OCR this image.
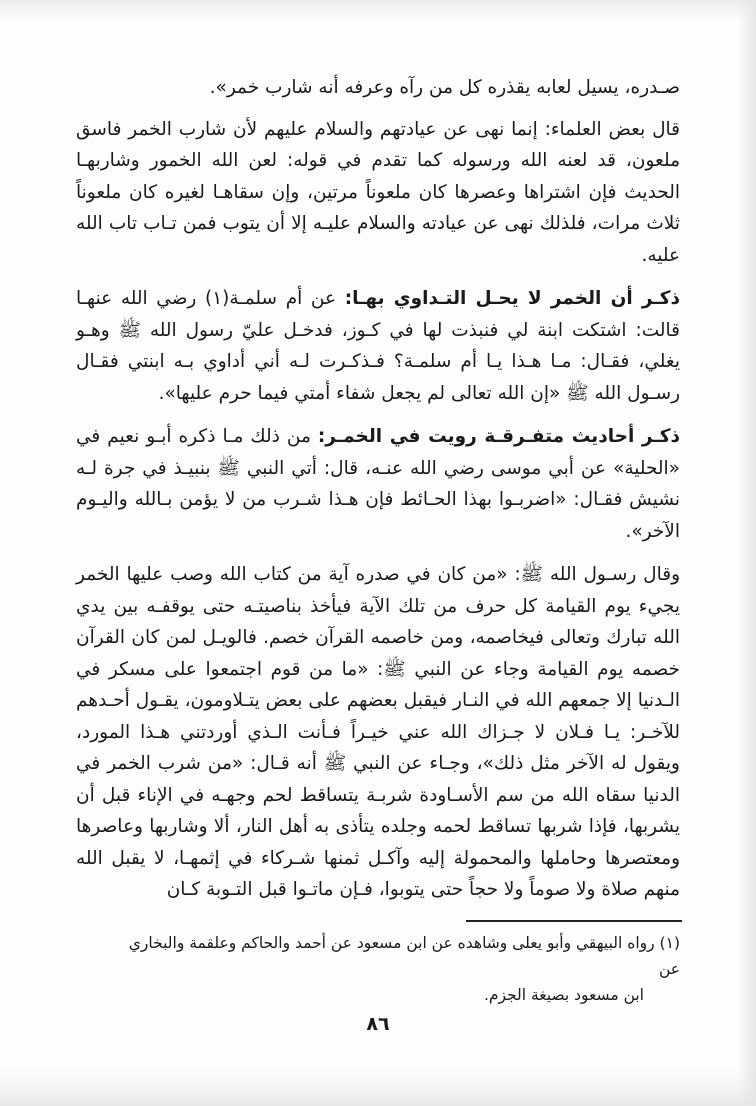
صـدره، يسيل لعابه يقذره كل من رآه وعرفه أنه شارب خمر».

قال بعض العلماء: إنما نهى عن عيادتهم والسلام عليهم لأن شارب الخمر فاسق ملعون، قد لعنه الله ورسوله كما تقدم في قوله: لعن الله الخمور وشاربهـا الحديث فإن اشتراها وعصرها كان ملعوناً مرتين، وإن سقاهـا لغيره كان ملعوناً ثلاث مرات، فلذلك نهى عن عيادته والسلام عليـه إلا أن يتوب فمن تـاب تاب الله عليه.

ذكـر أن الخمر لا يحـل التـداوي بهـا: عن أم سلمـة(١) رضي الله عنهـا قالت: اشتكت ابنة لي فنبذت لها في كـوز، فدخـل عليّ رسول الله ﷺ وهـو يغلي، فقـال: مـا هـذا يـا أم سلمـة؟ فـذكـرت لـه أني أداوي بـه ابنتي فقـال رسـول الله ﷺ «إن الله تعالى لم يجعل شفاء أمتي فيما حرم عليها».

ذكـر أحاديث متفـرقـة رويت في الخمـر: من ذلك مـا ذكره أبـو نعيم في «الحلية» عن أبي موسى رضي الله عنـه، قال: أتي النبي ﷺ بنبيـذ في جرة لـه نشيش فقـال: «اضربـوا بهذا الحـائط فإن هـذا شـرب من لا يؤمن بـالله واليـوم الآخر».

وقال رسـول الله ﷺ: «من كان في صدره آية من كتاب الله وصب عليها الخمر يجيء يوم القيامة كل حرف من تلك الآية فيأخذ بناصيتـه حتى يوقفـه بين يدي الله تبارك وتعالى فيخاصمه، ومن خاصمه القرآن خصم. فالويـل لمن كان القرآن خصمه يوم القيامة وجاء عن النبي ﷺ: «ما من قوم اجتمعوا على مسكر في الـدنيا إلا جمعهم الله في النـار فيقبل بعضهم على بعض يتـلاومون، يقـول أحـدهم للآخـر: يـا فـلان لا جـزاك الله عني خيـراً فـأنت الـذي أوردتني هـذا المورد، ويقول له الآخر مثل ذلك»، وجـاء عن النبي ﷺ أنه قـال: «من شرب الخمر في الدنيا سقاه الله من سم الأسـاودة شربـة يتساقط لحم وجهـه في الإناء قبل أن يشربها، فإذا شربها تساقط لحمه وجلده يتأذى به أهل النار، ألا وشاربها وعاصرها ومعتصرها وحاملها والمحمولة إليه وآكـل ثمنها شـركاء في إثمهـا، لا يقبل الله منهم صلاة ولا صوماً ولا حجاً حتى يتوبوا، فـإن ماتـوا قبل التـوبة كـان

(١) رواه البيهقي وأبو يعلى وشاهده عن ابن مسعود عن أحمد والحاكم وعلقمة والبخاري عن
ابن مسعود بصيغة الجزم.
٨٦
